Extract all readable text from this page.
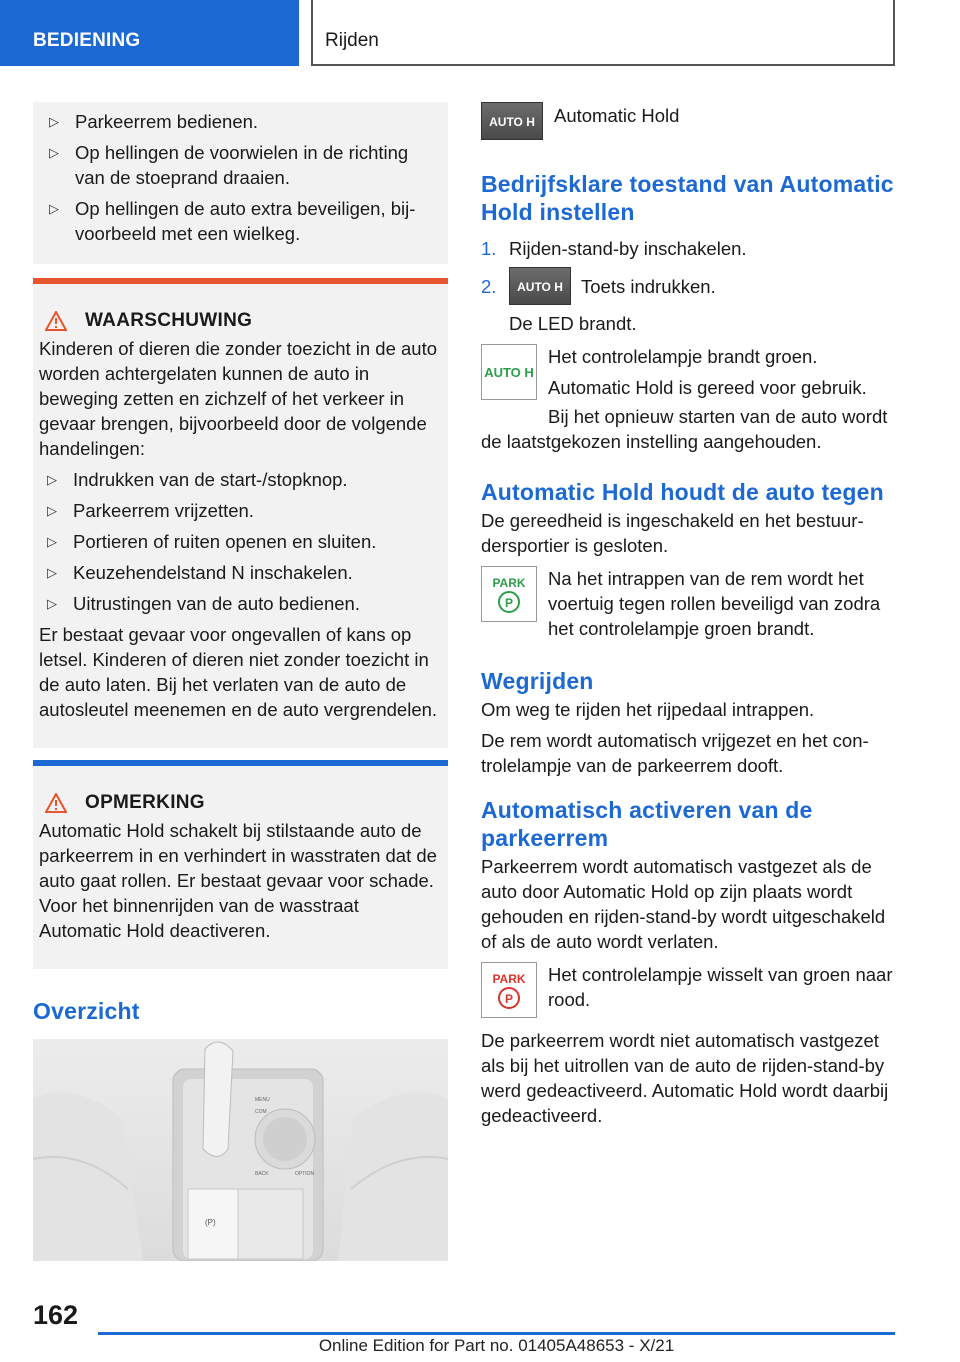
BEDIENING	Rijden
▷ Parkeerrem bedienen.
▷ Op hellingen de voorwielen in de richting van de stoeprand draaien.
▷ Op hellingen de auto extra beveiligen, bijvoorbeeld met een wielkeg.
WAARSCHUWING
Kinderen of dieren die zonder toezicht in de auto worden achtergelaten kunnen de auto in beweging zetten en zichzelf of het verkeer in gevaar brengen, bijvoorbeeld door de volgende handelingen:
▷ Indrukken van de start-/stopknop.
▷ Parkeerrem vrijzetten.
▷ Portieren of ruiten openen en sluiten.
▷ Keuzehendelstand N inschakelen.
▷ Uitrustingen van de auto bedienen.
Er bestaat gevaar voor ongevallen of kans op letsel. Kinderen of dieren niet zonder toezicht in de auto laten. Bij het verlaten van de auto de autosleutel meenemen en de auto vergrendelen.
OPMERKING
Automatic Hold schakelt bij stilstaande auto de parkeerrem in en verhindert in wasstraten dat de auto gaat rollen. Er bestaat gevaar voor schade. Voor het binnenrijden van de wasstraat Automatic Hold deactiveren.
Overzicht
MENU
COM
BACK	OPTION
(P)
AUTO H	Automatic Hold
Bedrijfsklare toestand van Automatic Hold instellen
1. Rijden-stand-by inschakelen.
2.	AUTO H Toets indrukken.
De LED brandt.
AUTO H
Het controlelampje brandt groen.
Automatic Hold is gereed voor gebruik.
Bij het opnieuw starten van de auto wordt de laatstgekozen instelling aangehouden.
Automatic Hold houdt de auto tegen
De gereedheid is ingeschakeld en het bestuurdersportier is gesloten.
PARK
P
Na het intrappen van de rem wordt het voertuig tegen rollen beveiligd van zodra het controlelampje groen brandt.
Wegrijden
Om weg te rijden het rijpedaal intrappen.
De rem wordt automatisch vrijgezet en het controlelampje van de parkeerrem dooft.
Automatisch activeren van de parkeerrem
Parkeerrem wordt automatisch vastgezet als de auto door Automatic Hold op zijn plaats wordt gehouden en rijden-stand-by wordt uitgeschakeld of als de auto wordt verlaten.
PARK
P
Het controlelampje wisselt van groen naar rood.
De parkeerrem wordt niet automatisch vastgezet als bij het uitrollen van de auto de rijden-stand-by werd gedeactiveerd. Automatic Hold wordt daarbij gedeactiveerd.
162
Online Edition for Part no. 01405A48653 - X/21
